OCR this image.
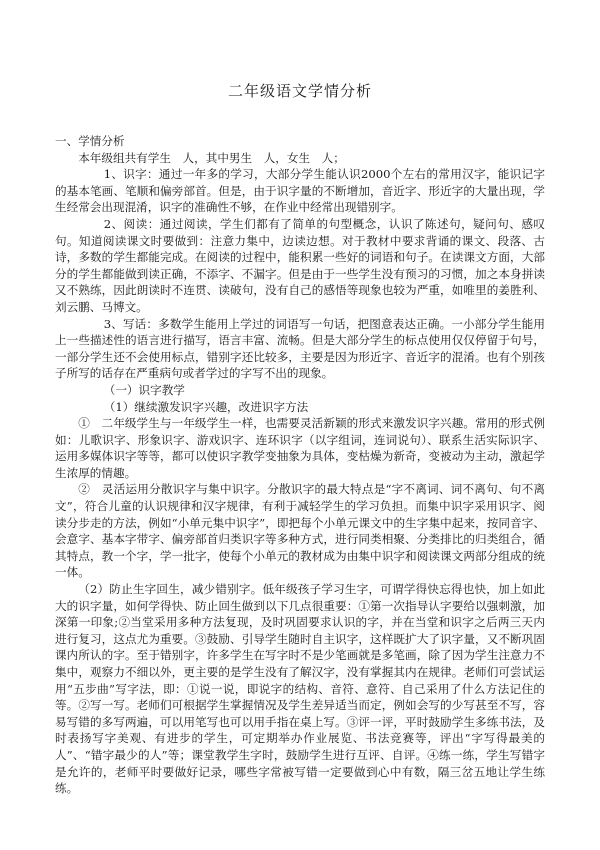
二年级语文学情分析

一、学情分析

本年级组共有学生　人，其中男生　人，女生　人；

1、识字：通过一年多的学习，大部分学生能认识2000个左右的常用汉字，能识记字的基本笔画、笔顺和偏旁部首。但是，由于识字量的不断增加，音近字、形近字的大量出现，学生经常会出现混淆，识字的准确性不够，在作业中经常出现错别字。

2、阅读：通过阅读，学生们都有了简单的句型概念，认识了陈述句，疑问句、感叹句。知道阅读课文时要做到：注意力集中，边读边想。对于教材中要求背诵的课文、段落、古诗，多数的学生都能完成。在阅读的过程中，能积累一些好的词语和句子。在读课文方面，大部分的学生都能做到读正确，不添字、不漏字。但是由于一些学生没有预习的习惯，加之本身拼读又不熟练，因此朗读时不连贯、读破句，没有自己的感悟等现象也较为严重，如唯里的姜胜利、刘云鹏、马博文。

3、写话：多数学生能用上学过的词语写一句话，把图意表达正确。一小部分学生能用上一些描述性的语言进行描写，语言丰富、流畅。但是大部分学生的标点使用仅仅停留于句号，一部分学生还不会使用标点，错别字还比较多，主要是因为形近字、音近字的混淆。也有个别孩子所写的话存在严重病句或者学过的字写不出的现象。

（一）识字教学

（1）继续激发识字兴趣，改进识字方法

①　二年级学生与一年级学生一样，也需要灵活新颖的形式来激发识字兴趣。常用的形式例如：儿歌识字、形象识字、游戏识字、连环识字（以字组词，连词说句）、联系生活实际识字、运用多媒体识字等等，都可以使识字教学变抽象为具体，变枯燥为新奇，变被动为主动，激起学生浓厚的情趣。

②　灵活运用分散识字与集中识字。分散识字的最大特点是“字不离词、词不离句、句不离文”，符合儿童的认识规律和汉字规律，有利于减轻学生的学习负担。而集中识字采用识字、阅读分步走的方法，例如“小单元集中识字”，即把每个小单元课文中的生字集中起来，按同音字、会意字、基本字带字、偏旁部首归类识字等多种方式，进行同类相聚、分类排比的归类组合，循其特点，教一个字，学一批字，使每个小单元的教材成为由集中识字和阅读课文两部分组成的统一体。

（2）防止生字回生，减少错别字。低年级孩子学习生字，可谓学得快忘得也快，加上如此大的识字量，如何学得快、防止回生做到以下几点很重要：①第一次指导认字要给以强刺激，加深第一印象;②当堂采用多种方法复现，及时巩固要求认识的字，并在当堂和识字之后两三天内进行复习，这点尤为重要。③鼓励、引导学生随时自主识字，这样既扩大了识字量，又不断巩固课内所认的字。至于错别字，许多学生在写字时不是少笔画就是多笔画，除了因为学生注意力不集中，观察力不细以外，更主要的是学生没有了解汉字，没有掌握其内在规律。老师们可尝试运用“五步曲”写字法，即：①说一说，即说字的结构、音符、意符、自己采用了什么方法记住的等。②写一写。老师们可根据学生掌握情况及学生差异适当而定，例如会写的少写甚至不写，容易写错的多写两遍，可以用笔写也可以用手指在桌上写。③评一评，平时鼓励学生多练书法，及时表扬写字美观、有进步的学生，可定期举办作业展览、书法竞赛等，评出“字写得最美的人”、“错字最少的人”等；课堂教学生字时，鼓励学生进行互评、自评。④练一练，学生写错字是允许的，老师平时要做好记录，哪些字常被写错一定要做到心中有数，隔三岔五地让学生练练。
